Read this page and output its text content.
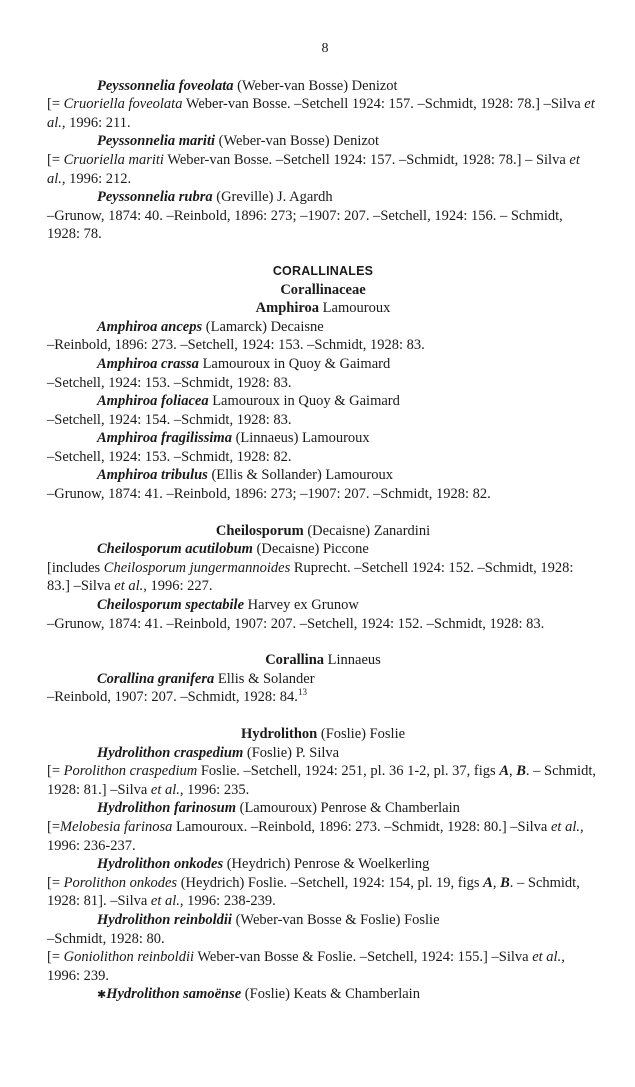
8

Peyssonnelia foveolata (Weber-van Bosse) Denizot

[= Cruoriella foveolata Weber-van Bosse. –Setchell 1924: 157. –Schmidt, 1928: 78.] –Silva et al., 1996: 211.

Peyssonnelia mariti (Weber-van Bosse) Denizot

[= Cruoriella mariti Weber-van Bosse. –Setchell 1924: 157. –Schmidt, 1928: 78.] – Silva et al., 1996: 212.

Peyssonnelia rubra (Greville) J. Agardh

–Grunow, 1874: 40. –Reinbold, 1896: 273; –1907: 207. –Setchell, 1924: 156. – Schmidt, 1928: 78.

CORALLINALES
Corallinaceae
Amphiroa Lamouroux

Amphiroa anceps (Lamarck) Decaisne

–Reinbold, 1896: 273. –Setchell, 1924: 153. –Schmidt, 1928: 83.

Amphiroa crassa Lamouroux in Quoy & Gaimard

–Setchell, 1924: 153. –Schmidt, 1928: 83.

Amphiroa foliacea Lamouroux in Quoy & Gaimard

–Setchell, 1924: 154. –Schmidt, 1928: 83.

Amphiroa fragilissima (Linnaeus) Lamouroux

–Setchell, 1924: 153. –Schmidt, 1928: 82.

Amphiroa tribulus (Ellis & Sollander) Lamouroux

–Grunow, 1874: 41. –Reinbold, 1896: 273; –1907: 207. –Schmidt, 1928: 82.

Cheilosporum (Decaisne) Zanardini

Cheilosporum acutilobum (Decaisne) Piccone

[includes Cheilosporum jungermannoides Ruprecht. –Setchell 1924: 152. –Schmidt, 1928: 83.] –Silva et al., 1996: 227.

Cheilosporum spectabile Harvey ex Grunow

–Grunow, 1874: 41. –Reinbold, 1907: 207. –Setchell, 1924: 152. –Schmidt, 1928: 83.

Corallina Linnaeus

Corallina granifera Ellis & Solander

–Reinbold, 1907: 207. –Schmidt, 1928: 84.13

Hydrolithon (Foslie) Foslie

Hydrolithon craspedium (Foslie) P. Silva

[= Porolithon craspedium Foslie. –Setchell, 1924: 251, pl. 36 1-2, pl. 37, figs A, B. – Schmidt, 1928: 81.] –Silva et al., 1996: 235.

Hydrolithon farinosum (Lamouroux) Penrose & Chamberlain

[=Melobesia farinosa Lamouroux. –Reinbold, 1896: 273. –Schmidt, 1928: 80.] –Silva et al., 1996: 236-237.

Hydrolithon onkodes (Heydrich) Penrose & Woelkerling

[= Porolithon onkodes (Heydrich) Foslie. –Setchell, 1924: 154, pl. 19, figs A, B. – Schmidt, 1928: 81]. –Silva et al., 1996: 238-239.

Hydrolithon reinboldii (Weber-van Bosse & Foslie) Foslie

–Schmidt, 1928: 80.
[= Goniolithon reinboldii Weber-van Bosse & Foslie. –Setchell, 1924: 155.] –Silva et al., 1996: 239.

✱Hydrolithon samoënse (Foslie) Keats & Chamberlain
